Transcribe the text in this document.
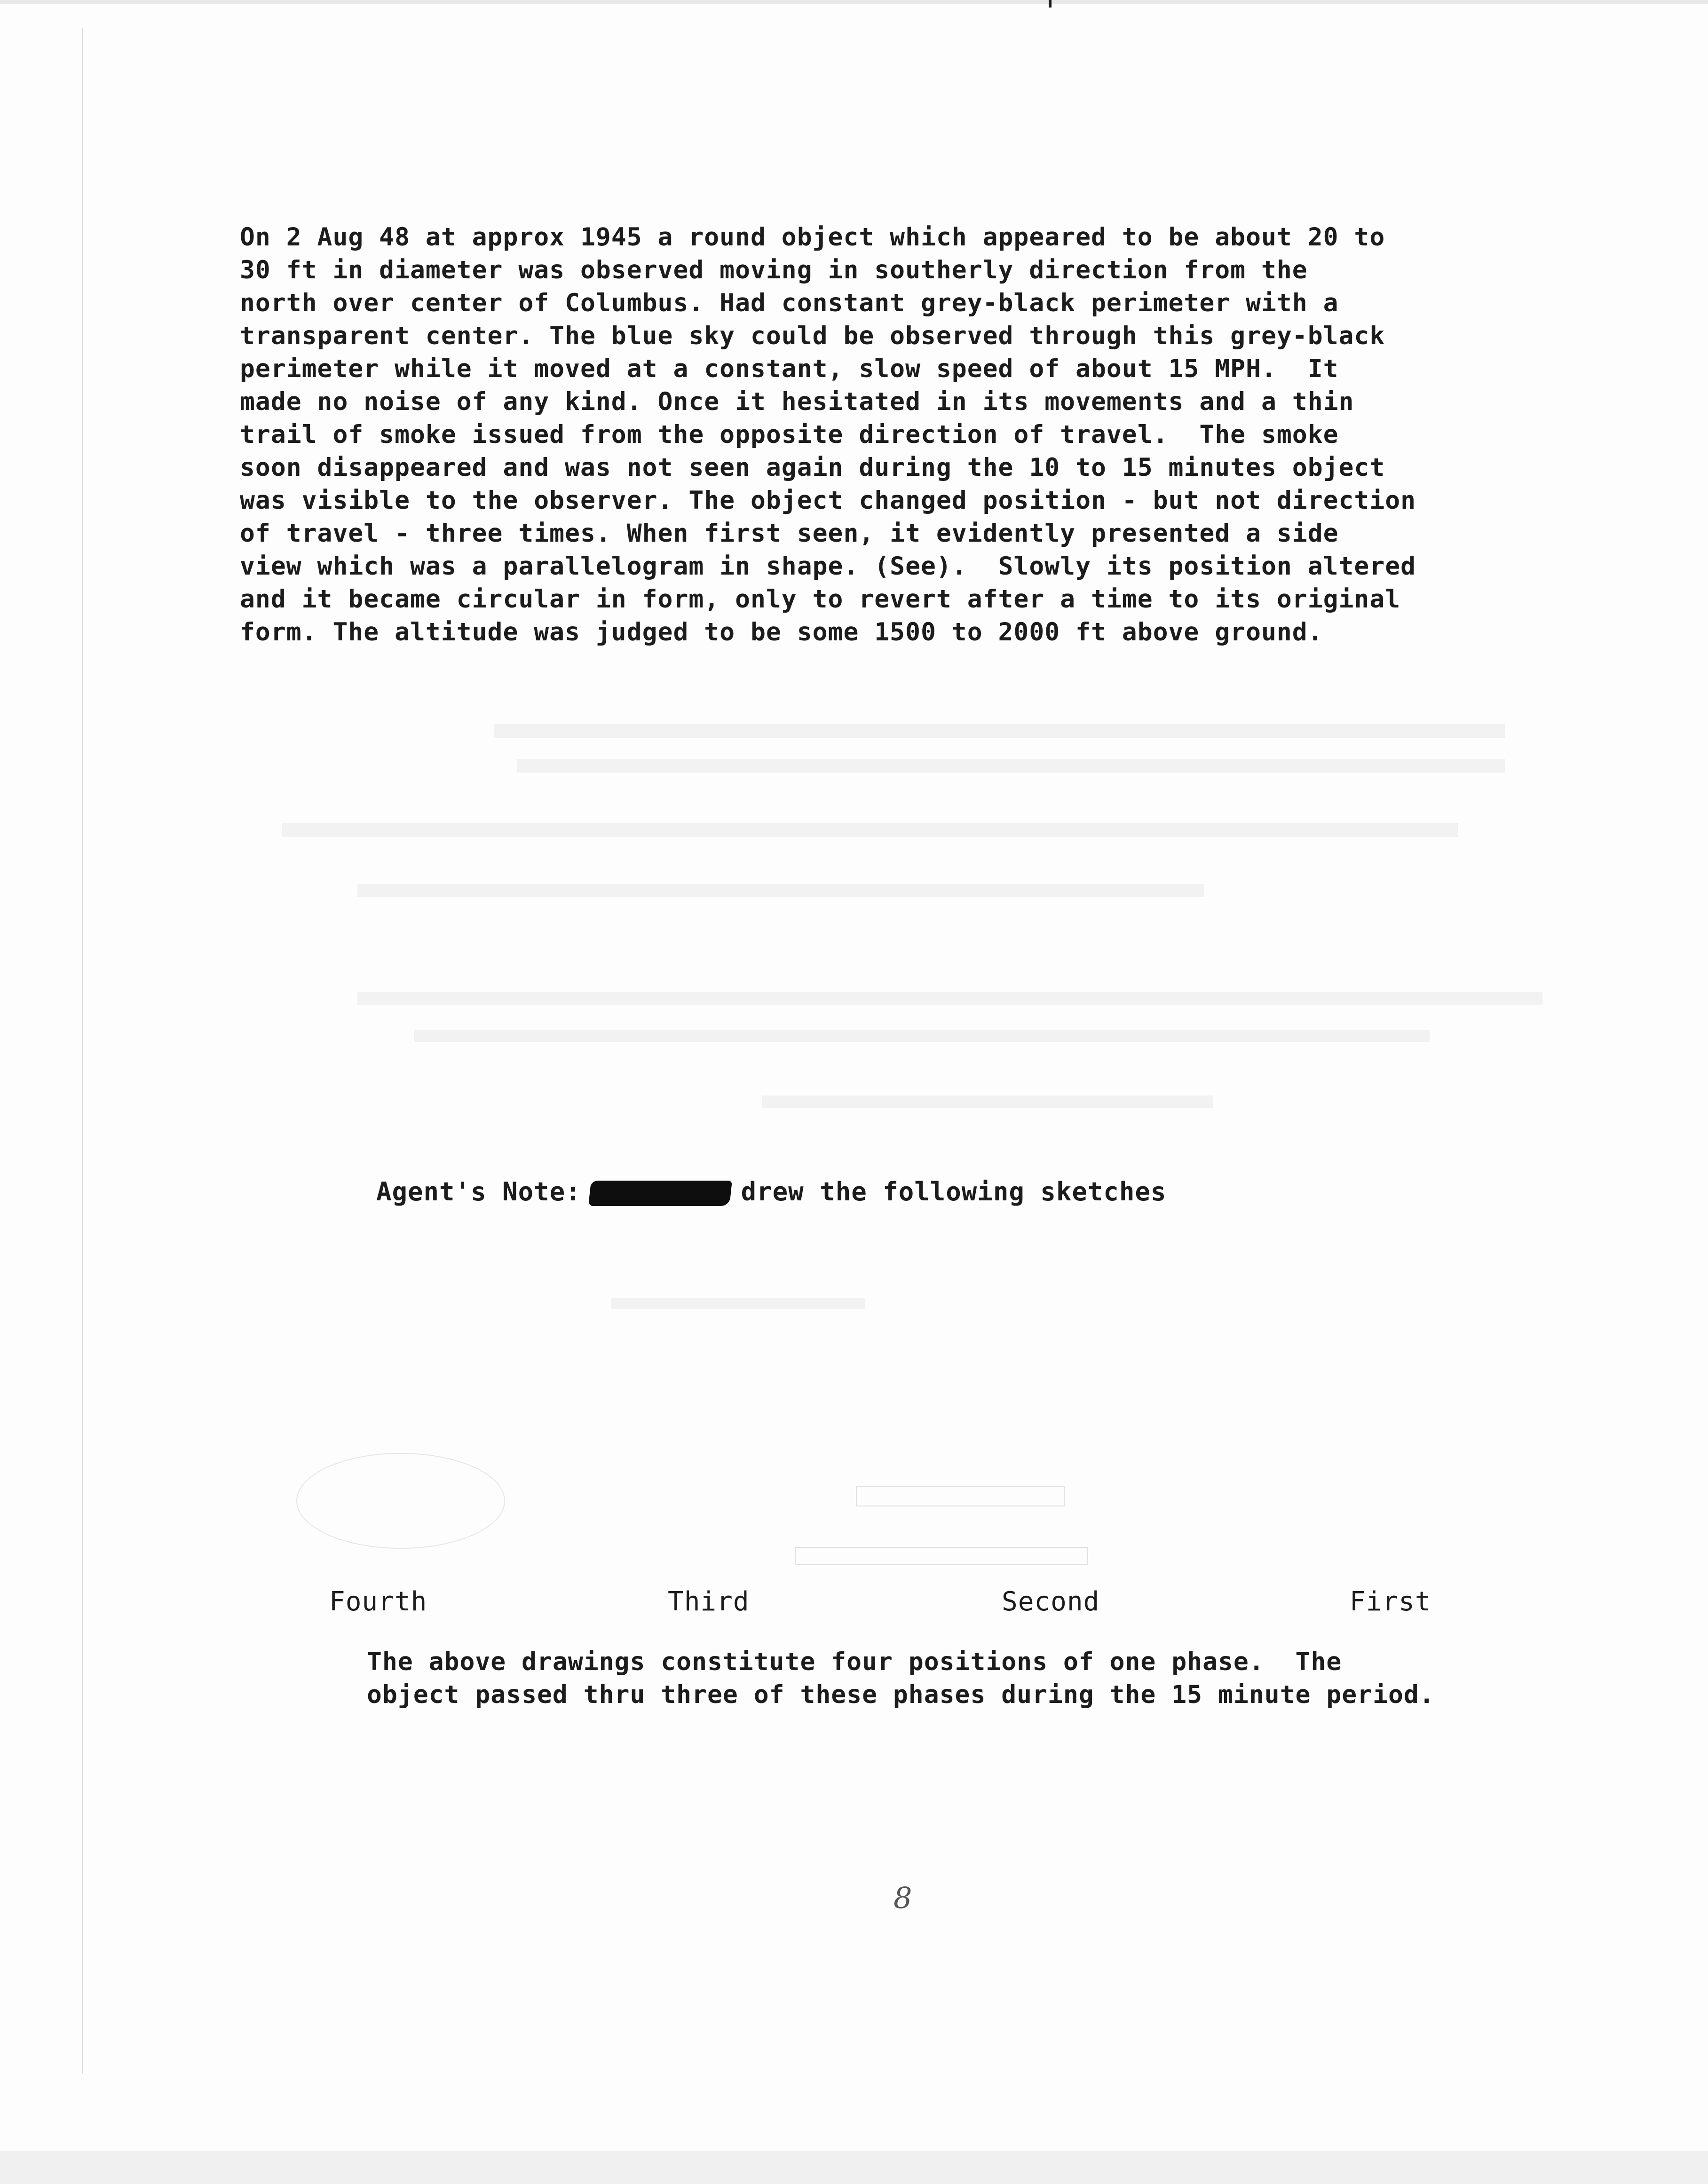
On 2 Aug 48 at approx 1945 a round object which appeared to be about 20 to
30 ft in diameter was observed moving in southerly direction from the
north over center of Columbus. Had constant grey-black perimeter with a
transparent center. The blue sky could be observed through this grey-black
perimeter while it moved at a constant, slow speed of about 15 MPH.  It
made no noise of any kind. Once it hesitated in its movements and a thin
trail of smoke issued from the opposite direction of travel.  The smoke
soon disappeared and was not seen again during the 10 to 15 minutes object
was visible to the observer. The object changed position - but not direction
of travel - three times. When first seen, it evidently presented a side
view which was a parallelogram in shape. (See).  Slowly its position altered
and it became circular in form, only to revert after a time to its original
form. The altitude was judged to be some 1500 to 2000 ft above ground.
Agent's Note:	drew the following sketches
Fourth	Third	Second	First
The above drawings constitute four positions of one phase.  The
object passed thru three of these phases during the 15 minute period.
8
